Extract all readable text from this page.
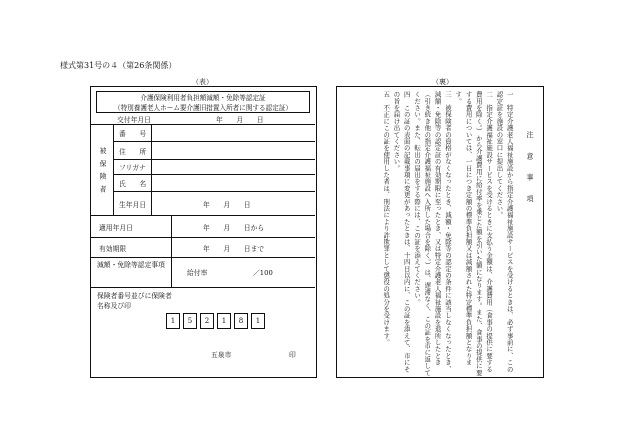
様式第31号の４（第26条関係）
（表）	（裏）
介護保険利用者負担額減額・免除等認定証
（特別養護老人ホーム要介護旧措置入所者に関する認定証）
交付年月日	年　　月　　日
被保険者
番　　号
住　　所
フリガナ
氏　　名
生年月日	年　　月　　日
適用年月日	年　　月　　日から
有効期限	年　　月　　日まで
減額・免除等認定事項
給付率	／100
保険者番号並びに保険者名称及び印
1	5	2	1	8	1
五泉市	印

注 意 事 項

一　特定介護老人福祉施設から指定介護福祉施設サービスを受けるときは、必ず事前に、この認定証を施設の窓口に提出してください。

二　指定介護福祉施設サービスを受けるときに支払う金額は、介護費用（食事の提供に要する費用を除く。）から介護費用に給付率を乗じた額を引いた額になります。また、食事の提供に要する費用については、一日につき定額の標準負担額又は減額された特定標準負担額となります。

三　被保険者の資格がなくなったとき、減額・免除等の認定の条件に該当しなくなったとき、減額・免除等の認定証の有効期限に至ったとき、又は特定介護老人福祉施設を退所したとき（引き続き他の指定介護福祉施設へ入所した場合を除く。）は、遅滞なく、この証を市に返してください。また、転出の届出をする際には、この証を添えてください。

四　この証の表面の記載事項に変更があったときは、十四日以内に、この証を添えて、市にその旨を届け出てください。

五　不正にこの証を使用した者は、刑法により詐欺罪として懲役の処分を受けます。
